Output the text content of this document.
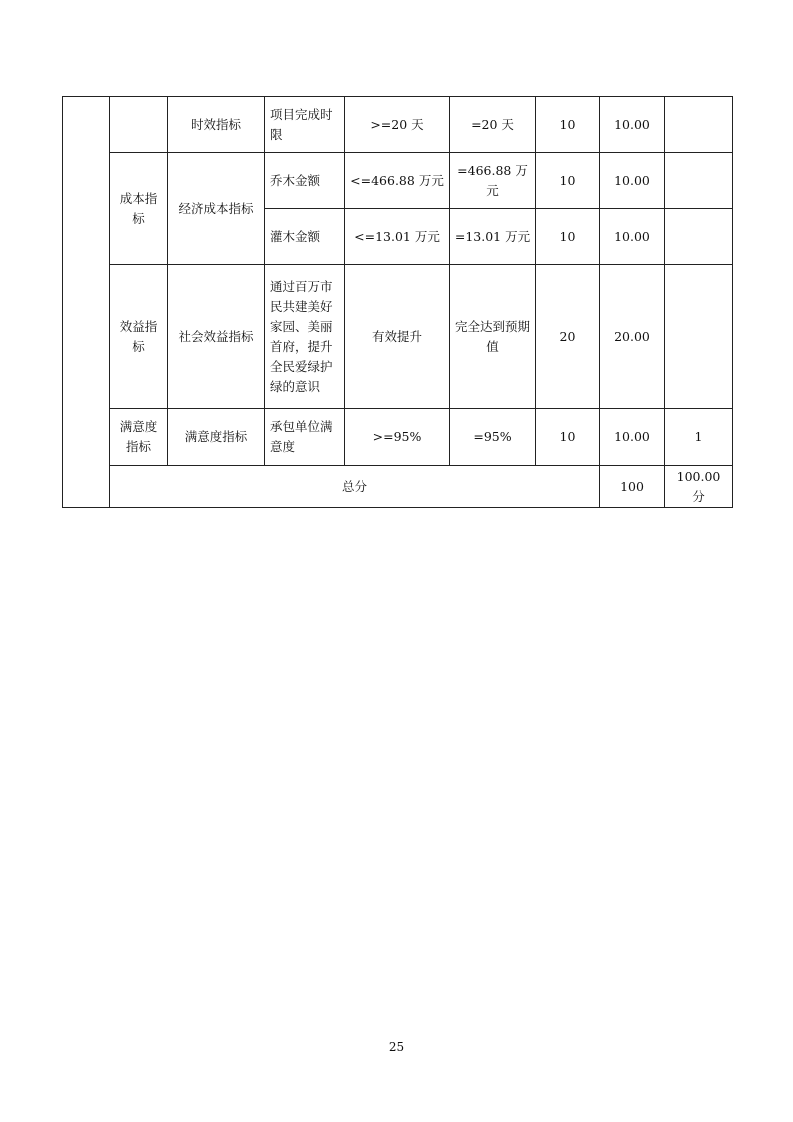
		时效指标	项目完成时限	>=20 天	=20 天	10	10.00		
	成本指标	经济成本指标	乔木金额	<=466.88 万元	=466.88 万元	10	10.00		
			灌木金额	<=13.01 万元	=13.01 万元	10	10.00		
	效益指标	社会效益指标	通过百万市民共建美好家园、美丽首府，提升全民爱绿护绿的意识	有效提升	完全达到预期值	20	20.00		
	满意度指标	满意度指标	承包单位满意度	>=95%	=95%	10	10.00	1	
	总分						100	100.00 分	
25
